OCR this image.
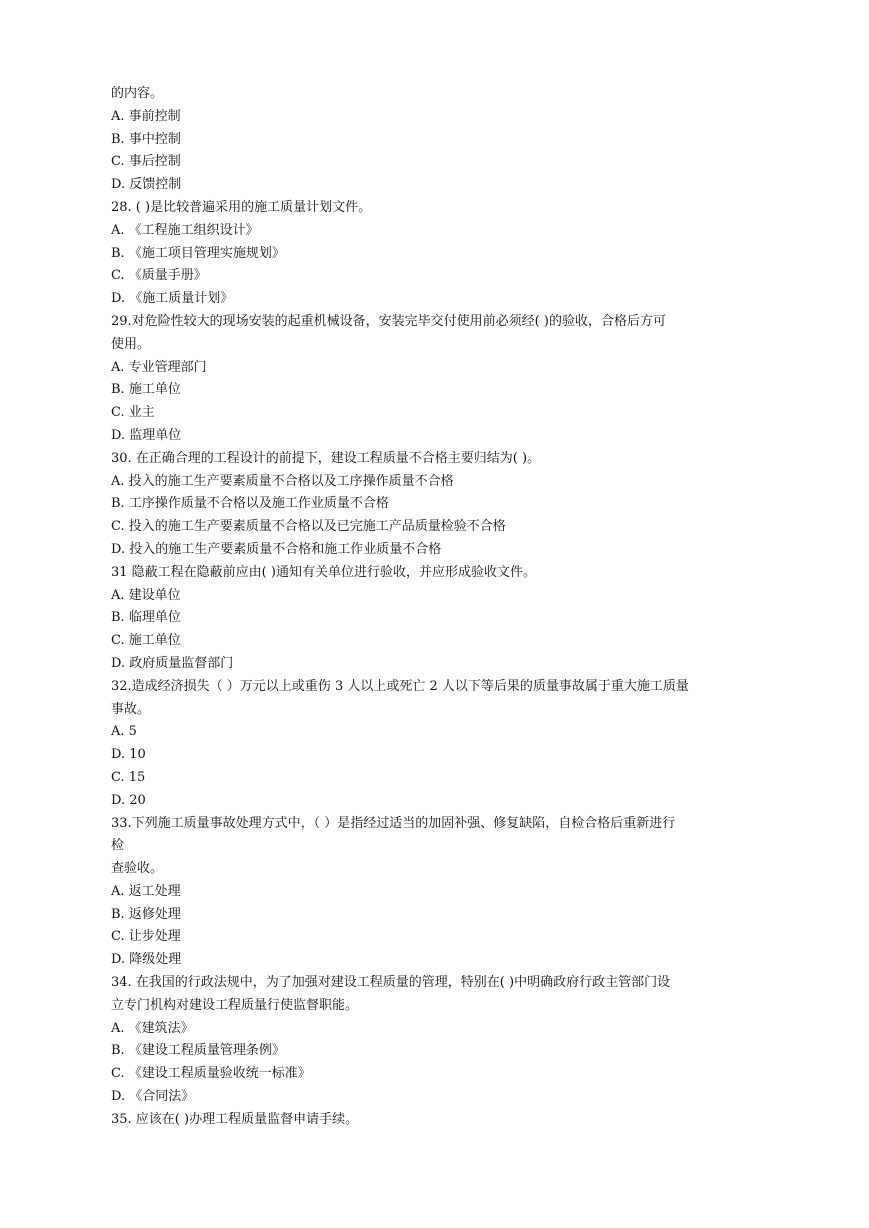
的内容。
A. 事前控制
B. 事中控制
C. 事后控制
D. 反馈控制
28. ( )是比较普遍采用的施工质量计划文件。
A. 《工程施工组织设计》
B. 《施工项目管理实施规划》
C. 《质量手册》
D. 《施工质量计划》
29.对危险性较大的现场安装的起重机械设备，安装完毕交付使用前必须经( )的验收，合格后方可
使用。
A. 专业管理部门
B. 施工单位
C. 业主
D. 监理单位
30. 在正确合理的工程设计的前提下，建设工程质量不合格主要归结为( )。
A. 投入的施工生产要素质量不合格以及工序操作质量不合格
B. 工序操作质量不合格以及施工作业质量不合格
C. 投入的施工生产要素质量不合格以及已完施工产品质量检验不合格
D. 投入的施工生产要素质量不合格和施工作业质量不合格
31 隐蔽工程在隐蔽前应由( )通知有关单位进行验收，并应形成验收文件。
A. 建设单位
B. 临理单位
C. 施工单位
D. 政府质量监督部门
32.造成经济损失（ ）万元以上或重伤 3 人以上或死亡 2 人以下等后果的质量事故属于重大施工质量
事故。
A. 5
D. 10
C. 15
D. 20
33.下列施工质量事故处理方式中，（ ）是指经过适当的加固补强、修复缺陷，自检合格后重新进行
检
查验收。
A. 返工处理
B. 返修处理
C. 让步处理
D. 降级处理
34. 在我国的行政法规中，为了加强对建设工程质量的管理，特别在( )中明确政府行政主管部门设
立专门机构对建设工程质量行使监督职能。
A. 《建筑法》
B. 《建设工程质量管理条例》
C. 《建设工程质量验收统一标准》
D. 《合同法》
35. 应该在( )办理工程质量监督申请手续。
